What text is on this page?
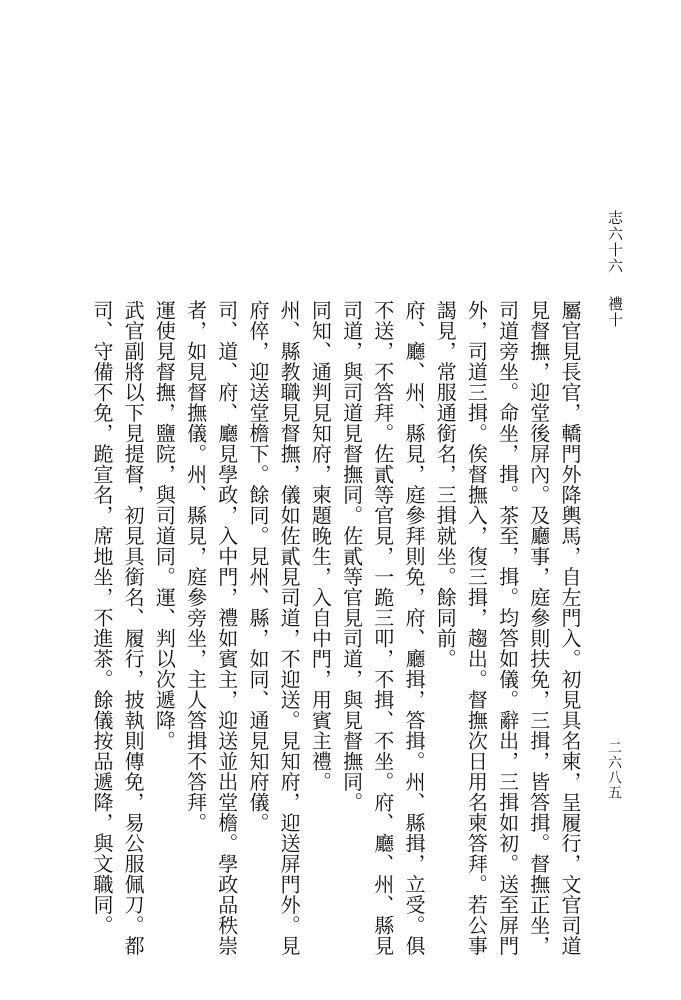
志六十六禮十
二六八五

屬官見長官，轎門外降輿馬，自左門入。初見具名柬，呈履行，文官司道見督撫，迎堂後屏內。及廳事，庭參則扶免，三揖，皆答揖。督撫正坐，司道旁坐。命坐，揖。茶至，揖。均答如儀。辭出，三揖如初。送至屏門外，司道三揖。俟督撫入，復三揖，趨出。督撫次日用名柬答拜。若公事謁見，常服通銜名，三揖就坐。餘同前。

府、廳、州、縣見，庭參拜則免，府、廳揖，答揖。州、縣揖，立受。俱不送，不答拜。佐貳等官見，一跪三叩，不揖、不坐。府、廳、州、縣見司道，與司道見督撫同。佐貳等官見司道，與見督撫同。

同知、通判見知府，柬題晚生，入自中門，用賓主禮。

州、縣教職見督撫，儀如佐貳見司道，不迎送。見知府，迎送屏門外。見府倅，迎送堂檐下。餘同。見州、縣，如同、通見知府儀。

司、道、府、廳見學政，入中門，禮如賓主，迎送並出堂檐。學政品秩崇者，如見督撫儀。州、縣見，庭參旁坐，主人答揖不答拜。

運使見督撫，鹽院，與司道同。運、判以次遞降。

武官副將以下見提督，初見具銜名、履行，披執則傳免，易公服佩刀。都司、守備不免，跪宣名，席地坐，不進茶。餘儀按品遞降，與文職同。
